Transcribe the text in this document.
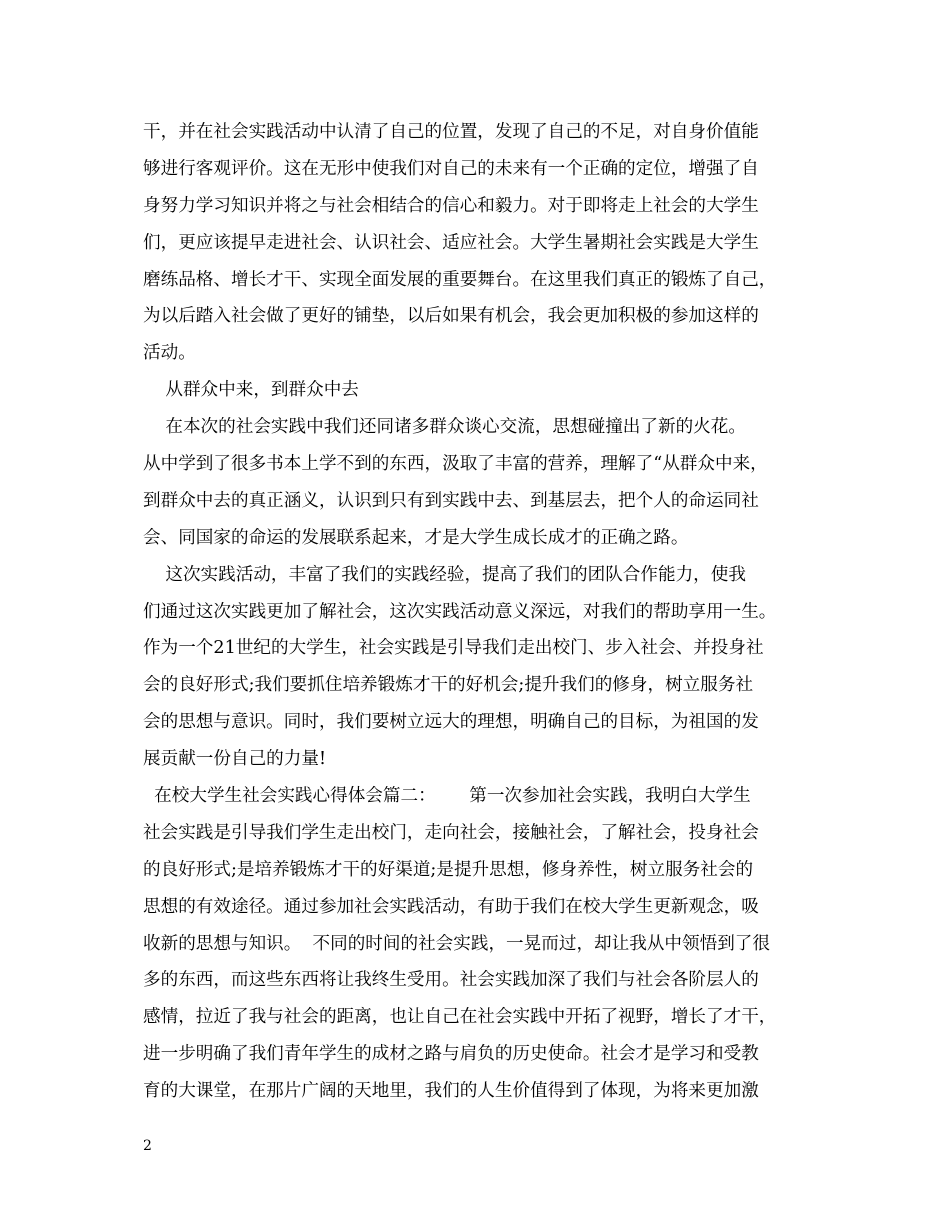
干，并在社会实践活动中认清了自己的位置，发现了自己的不足，对自身价值能
够进行客观评价。这在无形中使我们对自己的未来有一个正确的定位，增强了自
身努力学习知识并将之与社会相结合的信心和毅力。对于即将走上社会的大学生
们，更应该提早走进社会、认识社会、适应社会。大学生暑期社会实践是大学生
磨练品格、增长才干、实现全面发展的重要舞台。在这里我们真正的锻炼了自己，
为以后踏入社会做了更好的铺垫，以后如果有机会，我会更加积极的参加这样的
活动。
从群众中来，到群众中去
在本次的社会实践中我们还同诸多群众谈心交流，思想碰撞出了新的火花。
从中学到了很多书本上学不到的东西，汲取了丰富的营养，理解了“从群众中来，
到群众中去的真正涵义，认识到只有到实践中去、到基层去，把个人的命运同社
会、同国家的命运的发展联系起来，才是大学生成长成才的正确之路。
这次实践活动，丰富了我们的实践经验，提高了我们的团队合作能力，使我
们通过这次实践更加了解社会，这次实践活动意义深远，对我们的帮助享用一生。
作为一个21世纪的大学生，社会实践是引导我们走出校门、步入社会、并投身社
会的良好形式;我们要抓住培养锻炼才干的好机会;提升我们的修身，树立服务社
会的思想与意识。同时，我们要树立远大的理想，明确自己的目标，为祖国的发
展贡献一份自己的力量!
在校大学生社会实践心得体会篇二：      第一次参加社会实践，我明白大学生
社会实践是引导我们学生走出校门，走向社会，接触社会，了解社会，投身社会
的良好形式;是培养锻炼才干的好渠道;是提升思想，修身养性，树立服务社会的
思想的有效途径。通过参加社会实践活动，有助于我们在校大学生更新观念，吸
收新的思想与知识。  不同的时间的社会实践，一晃而过，却让我从中领悟到了很
多的东西，而这些东西将让我终生受用。社会实践加深了我们与社会各阶层人的
感情，拉近了我与社会的距离，也让自己在社会实践中开拓了视野，增长了才干，
进一步明确了我们青年学生的成材之路与肩负的历史使命。社会才是学习和受教
育的大课堂，在那片广阔的天地里，我们的人生价值得到了体现，为将来更加激
2
